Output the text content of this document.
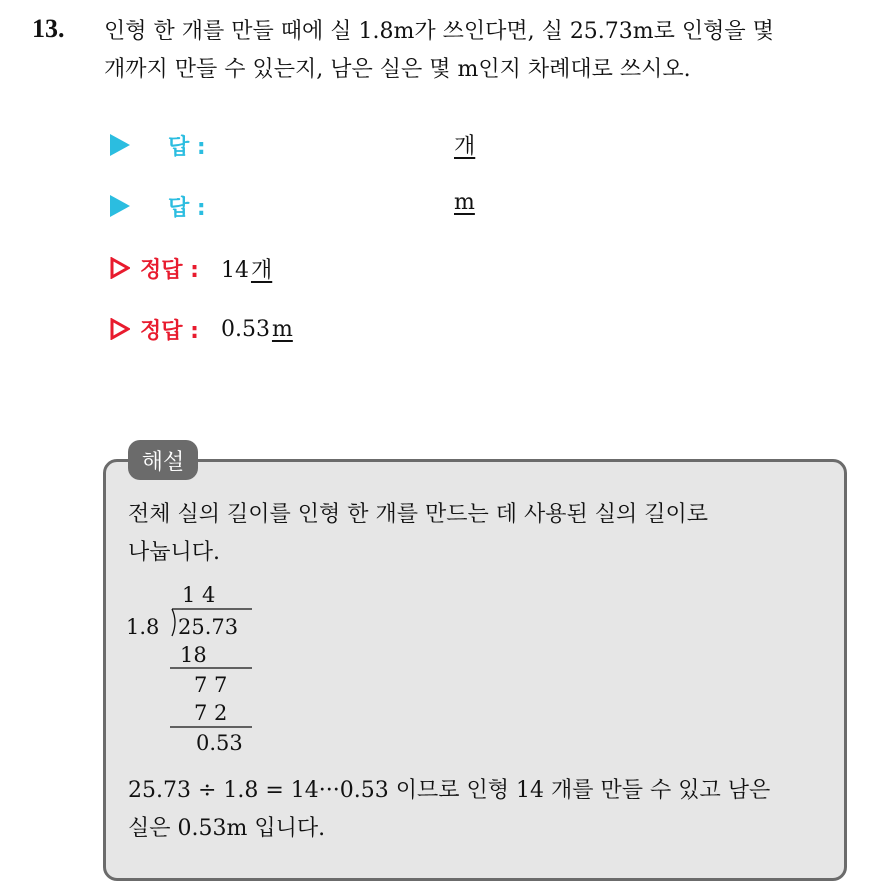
13. 인형 한 개를 만들 때에 실 1.8m가 쓰인다면, 실 25.73m로 인형을 몇
개까지 만들 수 있는지, 남은 실은 몇 m인지 차례대로 쓰시오.
답 :	개
답 :	m
정답 : 14개
정답 : 0.53m
해설
전체 실의 길이를 인형 한 개를 만드는 데 사용된 실의 길이로
나눕니다.
1 4
1.8 25.73
18
7 7
7 2
0.53
25.73 ÷ 1.8 = 14···0.53 이므로 인형 14 개를 만들 수 있고 남은
실은 0.53m 입니다.
